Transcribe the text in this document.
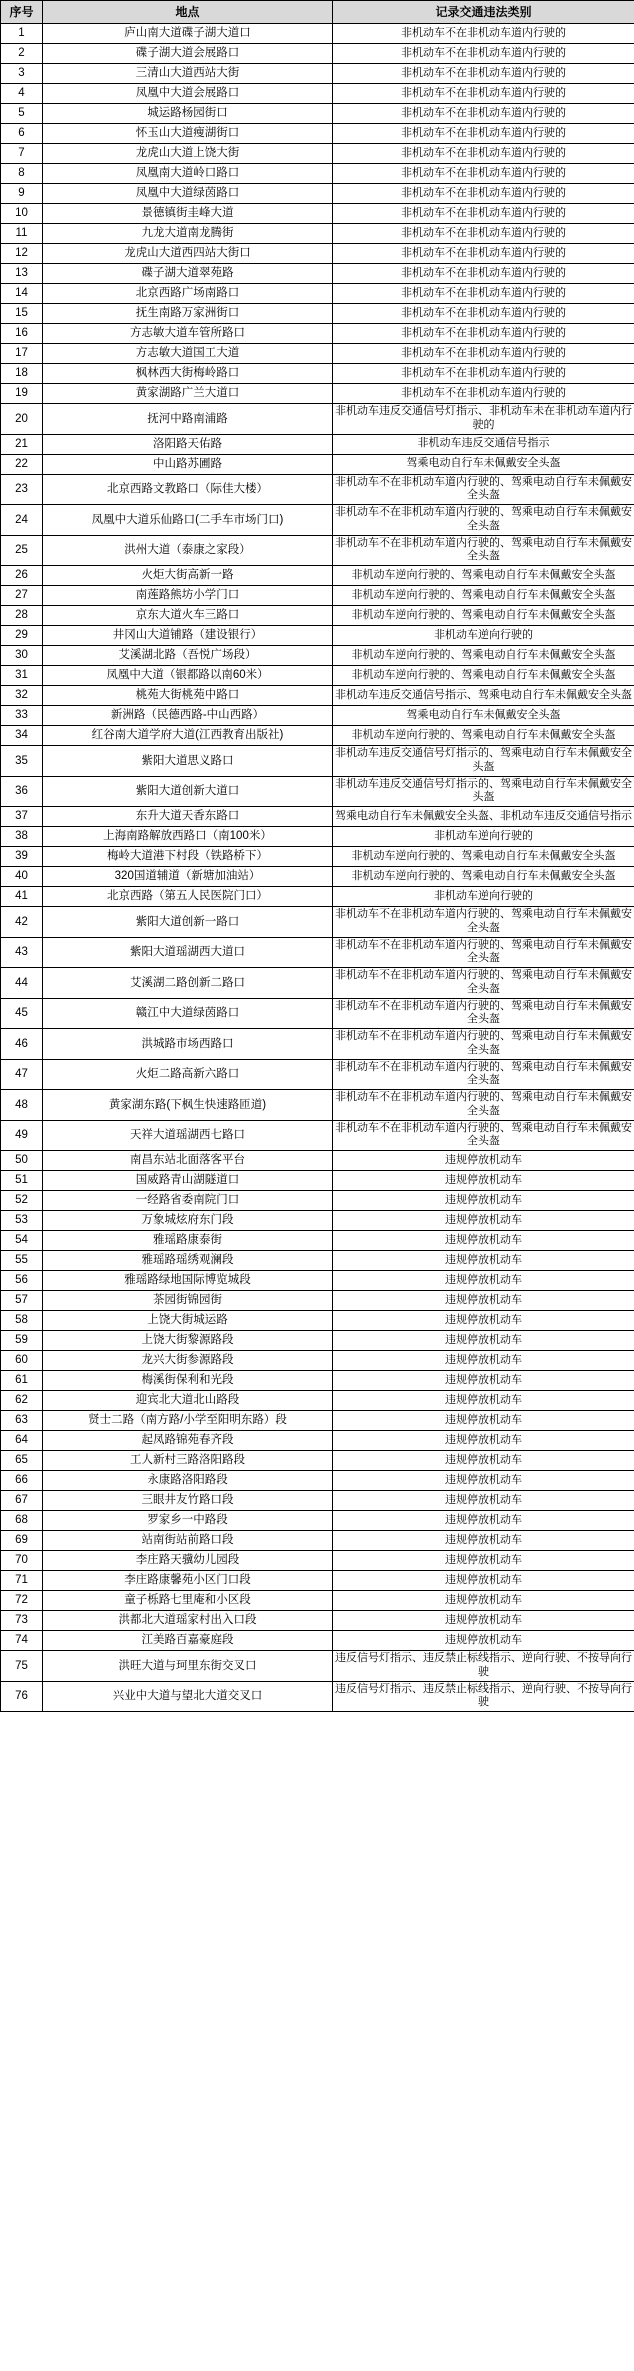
序号	地点	记录交通违法类别
1	庐山南大道碟子湖大道口	非机动车不在非机动车道内行驶的
2	碟子湖大道会展路口	非机动车不在非机动车道内行驶的
3	三清山大道西站大街	非机动车不在非机动车道内行驶的
4	凤凰中大道会展路口	非机动车不在非机动车道内行驶的
5	城运路杨园街口	非机动车不在非机动车道内行驶的
6	怀玉山大道瘦湖街口	非机动车不在非机动车道内行驶的
7	龙虎山大道上饶大街	非机动车不在非机动车道内行驶的
8	凤凰南大道岭口路口	非机动车不在非机动车道内行驶的
9	凤凰中大道绿茵路口	非机动车不在非机动车道内行驶的
10	景德镇街圭峰大道	非机动车不在非机动车道内行驶的
11	九龙大道南龙腾街	非机动车不在非机动车道内行驶的
12	龙虎山大道西四站大街口	非机动车不在非机动车道内行驶的
13	碟子湖大道翠苑路	非机动车不在非机动车道内行驶的
14	北京西路广场南路口	非机动车不在非机动车道内行驶的
15	抚生南路万家洲街口	非机动车不在非机动车道内行驶的
16	方志敏大道车管所路口	非机动车不在非机动车道内行驶的
17	方志敏大道国工大道	非机动车不在非机动车道内行驶的
18	枫林西大街梅岭路口	非机动车不在非机动车道内行驶的
19	黄家湖路广兰大道口	非机动车不在非机动车道内行驶的
20	抚河中路南浦路	非机动车违反交通信号灯指示、非机动车未在非机动车道内行驶的
21	洛阳路天佑路	非机动车违反交通信号指示
22	中山路苏圃路	驾乘电动自行车未佩戴安全头盔
23	北京西路文教路口（际佳大楼）	非机动车不在非机动车道内行驶的、驾乘电动自行车未佩戴安全头盔
24	凤凰中大道乐仙路口(二手车市场门口)	非机动车不在非机动车道内行驶的、驾乘电动自行车未佩戴安全头盔
25	洪州大道（泰康之家段）	非机动车不在非机动车道内行驶的、驾乘电动自行车未佩戴安全头盔
26	火炬大街高新一路	非机动车逆向行驶的、驾乘电动自行车未佩戴安全头盔
27	南莲路熊坊小学门口	非机动车逆向行驶的、驾乘电动自行车未佩戴安全头盔
28	京东大道火车三路口	非机动车逆向行驶的、驾乘电动自行车未佩戴安全头盔
29	井冈山大道铺路（建设银行）	非机动车逆向行驶的
30	艾溪湖北路（吾悦广场段）	非机动车逆向行驶的、驾乘电动自行车未佩戴安全头盔
31	凤凰中大道（银都路以南60米）	非机动车逆向行驶的、驾乘电动自行车未佩戴安全头盔
32	桃苑大街桃苑中路口	非机动车违反交通信号指示、驾乘电动自行车未佩戴安全头盔
33	新洲路（民德西路-中山西路）	驾乘电动自行车未佩戴安全头盔
34	红谷南大道学府大道(江西教育出版社)	非机动车逆向行驶的、驾乘电动自行车未佩戴安全头盔
35	紫阳大道思义路口	非机动车违反交通信号灯指示的、驾乘电动自行车未佩戴安全头盔
36	紫阳大道创新大道口	非机动车违反交通信号灯指示的、驾乘电动自行车未佩戴安全头盔
37	东升大道天香东路口	驾乘电动自行车未佩戴安全头盔、非机动车违反交通信号指示
38	上海南路解放西路口（南100米）	非机动车逆向行驶的
39	梅岭大道港下村段（铁路桥下）	非机动车逆向行驶的、驾乘电动自行车未佩戴安全头盔
40	320国道辅道（新塘加油站）	非机动车逆向行驶的、驾乘电动自行车未佩戴安全头盔
41	北京西路（第五人民医院门口）	非机动车逆向行驶的
42	紫阳大道创新一路口	非机动车不在非机动车道内行驶的、驾乘电动自行车未佩戴安全头盔
43	紫阳大道瑶湖西大道口	非机动车不在非机动车道内行驶的、驾乘电动自行车未佩戴安全头盔
44	艾溪湖二路创新二路口	非机动车不在非机动车道内行驶的、驾乘电动自行车未佩戴安全头盔
45	赣江中大道绿茵路口	非机动车不在非机动车道内行驶的、驾乘电动自行车未佩戴安全头盔
46	洪城路市场西路口	非机动车不在非机动车道内行驶的、驾乘电动自行车未佩戴安全头盔
47	火炬二路高新六路口	非机动车不在非机动车道内行驶的、驾乘电动自行车未佩戴安全头盔
48	黄家湖东路(下枫生快速路匝道)	非机动车不在非机动车道内行驶的、驾乘电动自行车未佩戴安全头盔
49	天祥大道瑶湖西七路口	非机动车不在非机动车道内行驶的、驾乘电动自行车未佩戴安全头盔
50	南昌东站北面落客平台	违规停放机动车
51	国威路青山湖隧道口	违规停放机动车
52	一经路省委南院门口	违规停放机动车
53	万象城炫府东门段	违规停放机动车
54	雅瑶路康泰街	违规停放机动车
55	雅瑶路瑶绣观澜段	违规停放机动车
56	雅瑶路绿地国际博览城段	违规停放机动车
57	茶园街锦园街	违规停放机动车
58	上饶大街城运路	违规停放机动车
59	上饶大街黎源路段	违规停放机动车
60	龙兴大街参源路段	违规停放机动车
61	梅溪街保利和光段	违规停放机动车
62	迎宾北大道北山路段	违规停放机动车
63	贤士二路（南方路/小学至阳明东路）段	违规停放机动车
64	起凤路锦苑春齐段	违规停放机动车
65	工人新村三路洛阳路段	违规停放机动车
66	永康路洛阳路段	违规停放机动车
67	三眼井友竹路口段	违规停放机动车
68	罗家乡一中路段	违规停放机动车
69	站南街站前路口段	违规停放机动车
70	李庄路天骥幼儿园段	违规停放机动车
71	李庄路康馨苑小区门口段	违规停放机动车
72	童子栎路七里庵和小区段	违规停放机动车
73	洪都北大道瑶家村出入口段	违规停放机动车
74	江美路百嘉豪庭段	违规停放机动车
75	洪旺大道与珂里东街交叉口	违反信号灯指示、违反禁止标线指示、逆向行驶、不按导向行驶
76	兴业中大道与望北大道交叉口	违反信号灯指示、违反禁止标线指示、逆向行驶、不按导向行驶
